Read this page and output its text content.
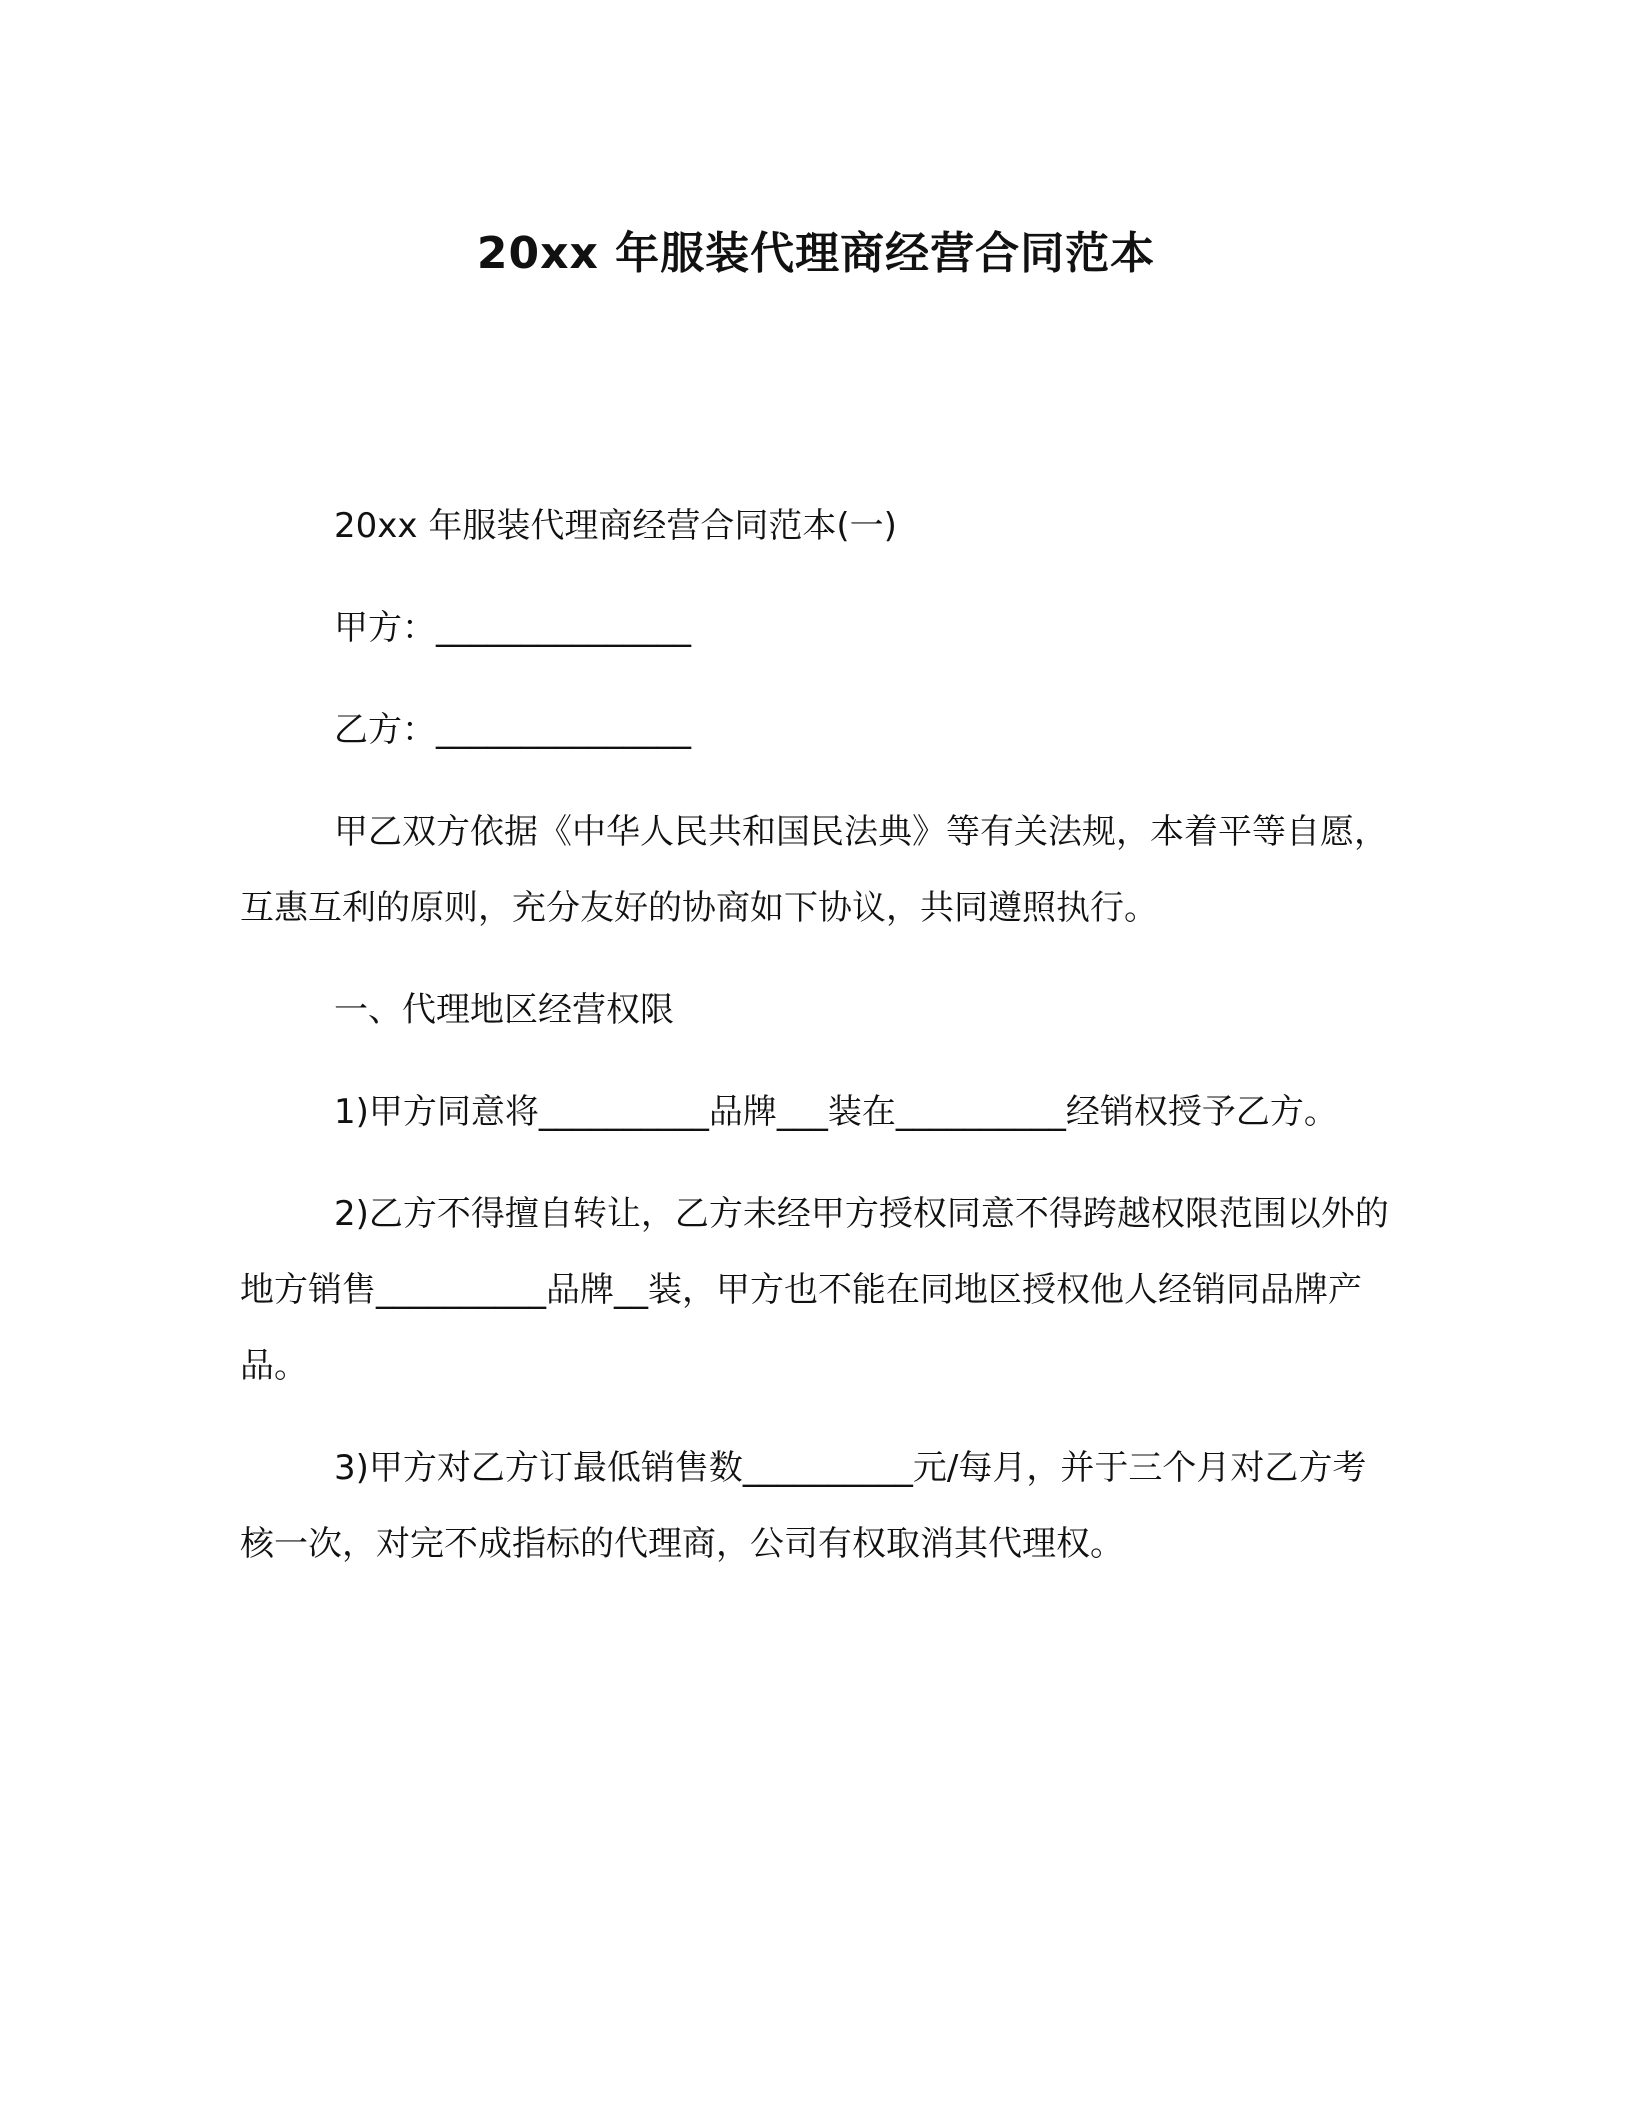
20xx 年服装代理商经营合同范本

20xx 年服装代理商经营合同范本(一)

甲方：_______________

乙方：_______________

甲乙双方依据《中华人民共和国民法典》等有关法规，本着平等自愿，互惠互利的原则，充分友好的协商如下协议，共同遵照执行。

一、代理地区经营权限

1)甲方同意将__________品牌___装在__________经销权授予乙方。

2)乙方不得擅自转让，乙方未经甲方授权同意不得跨越权限范围以外的地方销售__________品牌__装，甲方也不能在同地区授权他人经销同品牌产品。

3)甲方对乙方订最低销售数__________元/每月，并于三个月对乙方考核一次，对完不成指标的代理商，公司有权取消其代理权。
